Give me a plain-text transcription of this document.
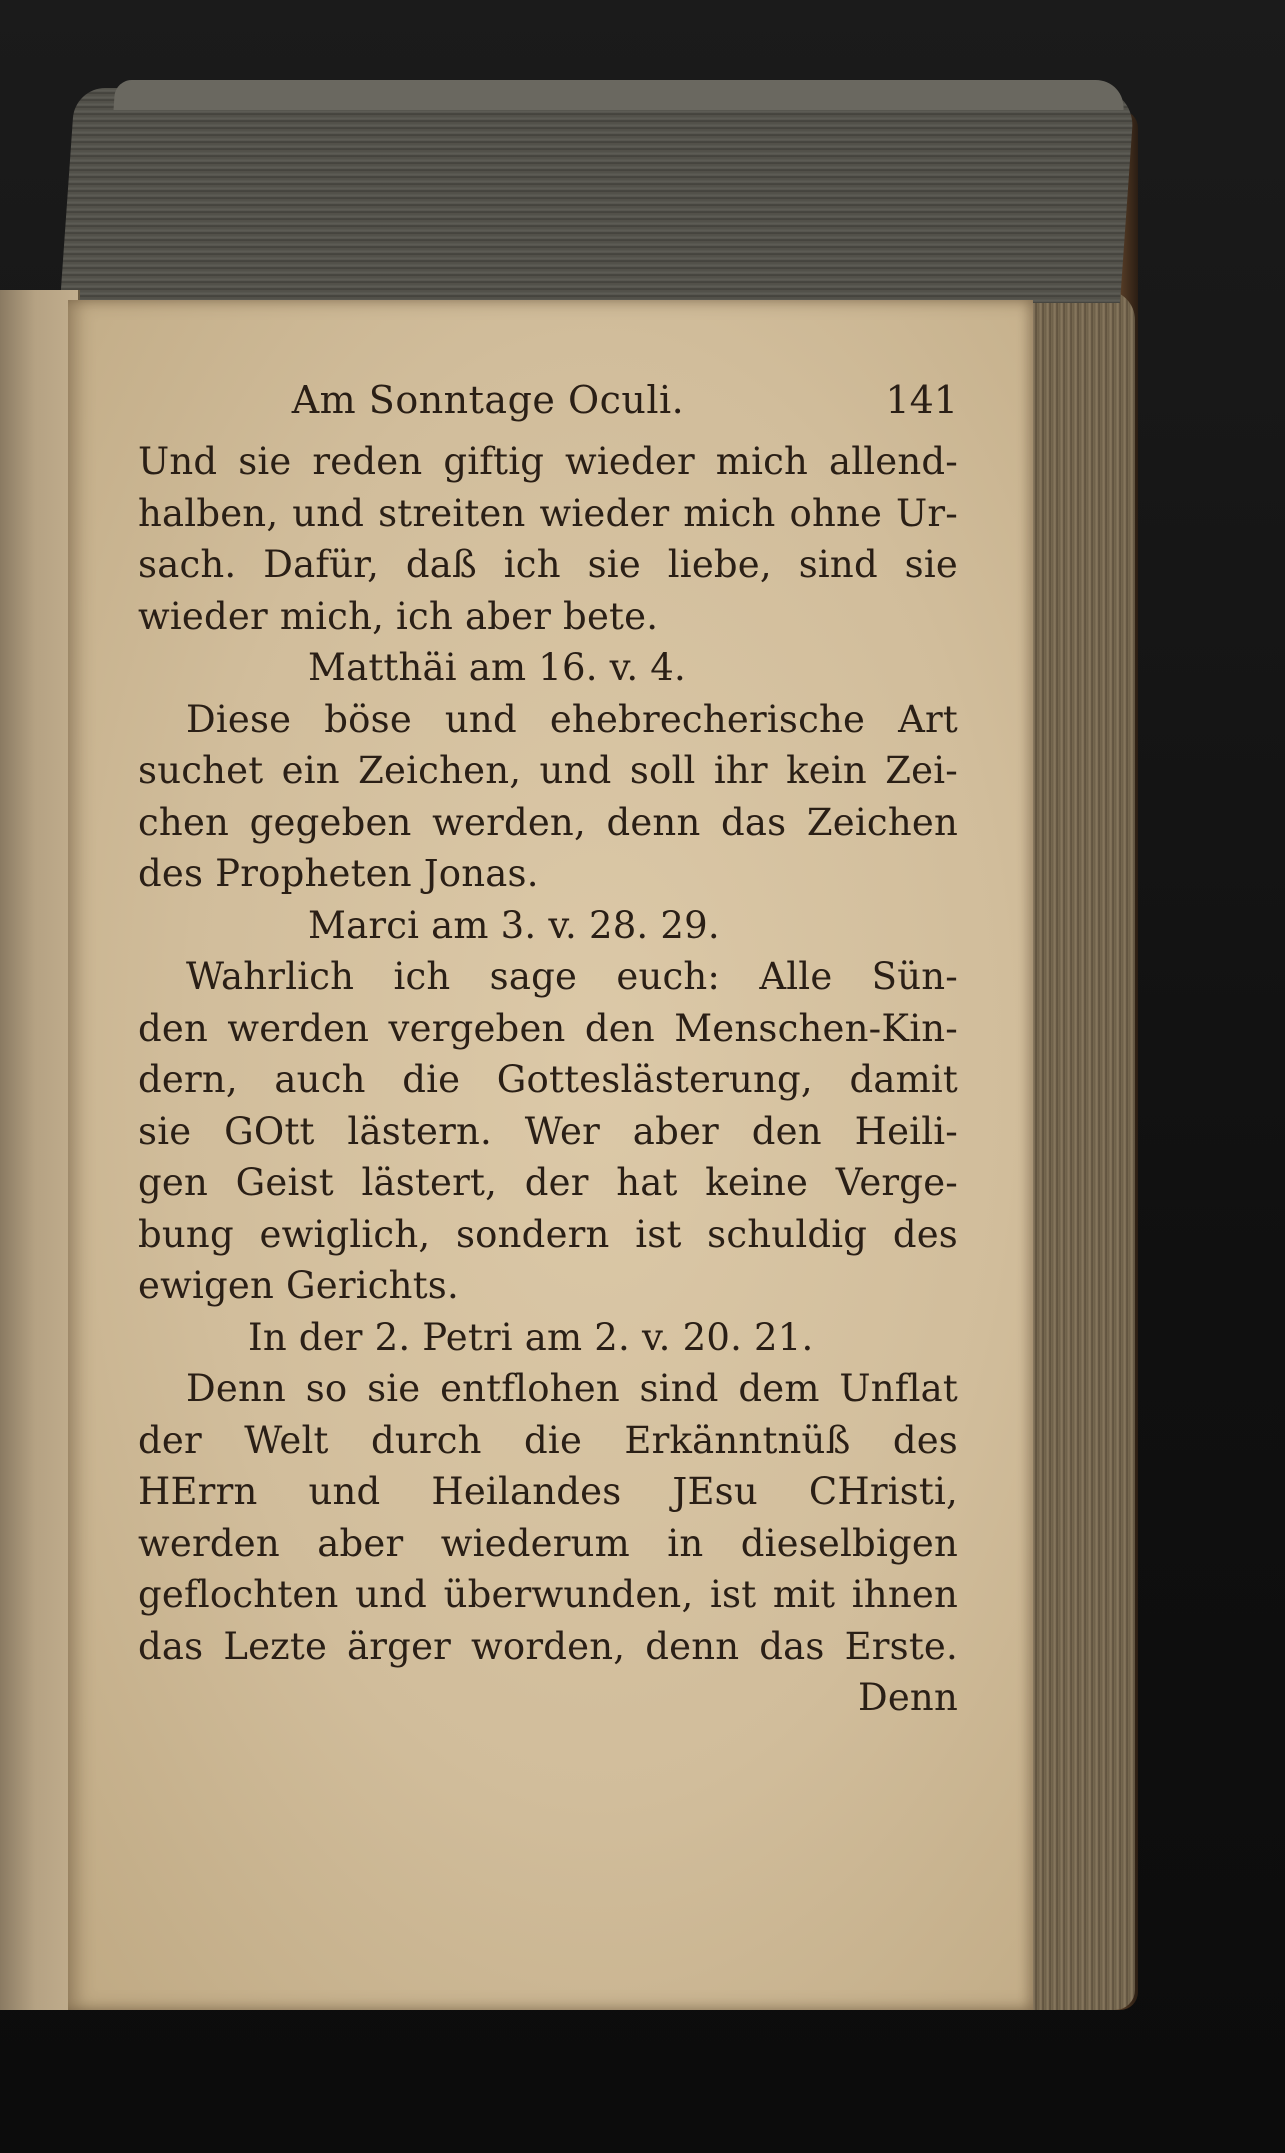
Am Sonntage Oculi.	141
Und sie reden giftig wieder mich allend-
halben, und streiten wieder mich ohne Ur-
sach. Dafür, daß ich sie liebe, sind sie
wieder mich, ich aber bete.
Matthäi am 16. v. 4.
Diese böse und ehebrecherische Art
suchet ein Zeichen, und soll ihr kein Zei-
chen gegeben werden, denn das Zeichen
des Propheten Jonas.
Marci am 3. v. 28. 29.
Wahrlich ich sage euch: Alle Sün-
den werden vergeben den Menschen-Kin-
dern, auch die Gotteslästerung, damit
sie GOtt lästern. Wer aber den Heili-
gen Geist lästert, der hat keine Verge-
bung ewiglich, sondern ist schuldig des
ewigen Gerichts.
In der 2. Petri am 2. v. 20. 21.
Denn so sie entflohen sind dem Unflat
der Welt durch die Erkänntnüß des
HErrn und Heilandes JEsu CHristi,
werden aber wiederum in dieselbigen
geflochten und überwunden, ist mit ihnen
das Lezte ärger worden, denn das Erste.
Denn
